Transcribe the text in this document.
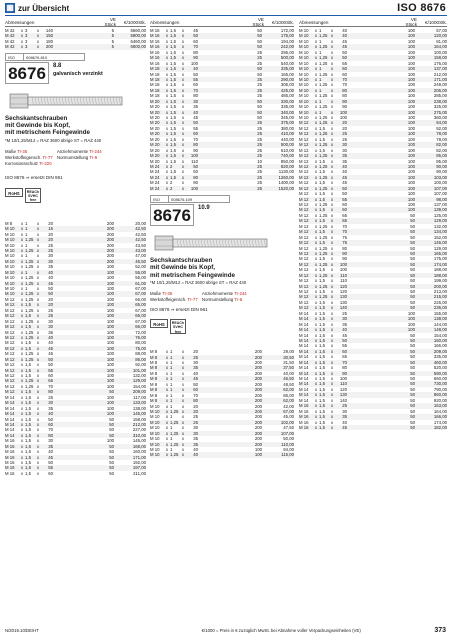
▦ zur Übersicht	ISO 8676
Abmessungen	VE Stück	€/1000Stk.
M 42	x 3	x	140	5	5660,00
M 42	x 3	x	150	5	5900,00
M 42	x 3	x	180	5	6460,00
M 42	x 3	x	200	5	6900,00
ISO	008676.810
8676	8.8
galvanisch verzinkt
Sechskantschrauben
mit Gewinde bis Kopf,
mit metrischem Feingewinde
*M 10/1,25/M12 = RAZ 3600 übrige ST = RAZ 440
Maße Tr-35	Anziehmomente Tr-244
Werkstoffeigensch. Tr-77	Normumstellung Tr-6
Korrosionsschutz Tr-220
ISO 8676 ⇒ ersetzt DIN 961
RoHS	REACh SVHC free
M 8	x 1	x	20	200	20,00
M 10	x 1	x	16	200	42,50
M 10	x 1	x	20	200	42,50
M 10	x 1,25 x	20	200	42,50
M 10	x 1	x	25	200	43,50
M 10	x 1,25 x	25	200	43,00
M 10	x 1	x	30	200	47,00
M 10	x 1,25 x	30	200	46,50
M 10	x 1,25 x	35	100	52,00
M 10	x 1	x	40	100	55,00
M 10	x 1,25 x	40	100	55,00
M 10	x 1,25 x	45	100	61,00
M 10	x 1	x	50	100	67,00
M 10	x 1,25 x	50	100	67,00
M 12	x 1,25 x	20	100	66,00
M 12	x 1,5	x	20	100	65,00
M 12	x 1,25 x	25	100	67,00
M 12	x 1,5	x	25	100	65,00
M 12	x 1,25 x	30	100	67,00
M 12	x 1,5	x	30	100	66,00
M 12	x 1,25 x	35	100	72,00
M 12	x 1,25 x	40	100	76,00
M 12	x 1,5	x	40	100	80,00
M 12	x 1,5	x	45	100	75,00
M 12	x 1,25 x	45	100	88,00
M 12	x 1,25 x	50	100	86,00
M 12	x 1,5	x	50	100	92,00
M 12	x 1,5	x	55	100	101,00
M 12	x 1,5	x	60	100	132,00
M 12	x 1,25 x	65	100	129,00
M 12	x 1,25 x	70	100	154,00
M 12	x 1,5	x	80	50	209,00
M 14	x 1,5	x	25	100	117,00
M 14	x 1,5	x	30	100	133,00
M 14	x 1,5	x	35	100	138,00
M 14	x 1,5	x	40	100	145,00
M 14	x 1,5	x	50	50	158,00
M 14	x 1,5	x	60	50	212,00
M 14	x 1,5	x	70	50	227,00
M 14	x 1,5	x	80	50	310,00
M 16	x 1,5	x	30	100	145,00
M 16	x 1,5	x	35	50	168,00
M 16	x 1,5	x	40	50	160,00
M 16	x 1,5	x	45	50	171,00
M 16	x 1,5	x	50	50	192,00
M 16	x 1,5	x	55	50	197,00
M 16	x 1,5	x	60	50	211,00
Abmessungen	VE Stück	€/1000Stk.
M 16	x 1,5	x	45	50	172,00
M 16	x 1,5	x	50	50	175,00
M 16	x 1,5	x	60	50	194,00
M 16	x 1,5	x	70	50	242,00
M 16	x 1,5	x	80	25	295,00
M 16	x 1,5	x	90	25	500,00
M 16	x 1,5	x	100	25	540,00
M 18	x 1,5	x	40	50	335,00
M 18	x 1,5	x	50	50	165,00
M 18	x 1,5	x	55	25	290,00
M 18	x 1,5	x	60	25	305,00
M 18	x 1,5	x	70	25	425,00
M 18	x 1,5	x	80	25	485,00
M 20	x 1,5	x	30	50	330,00
M 20	x 1,5	x	35	50	335,00
M 20	x 1,5	x	40	50	340,00
M 20	x 1,5	x	45	50	345,00
M 20	x 1,5	x	50	25	375,00
M 20	x 1,5	x	55	25	380,00
M 20	x 1,5	x	60	25	410,00
M 20	x 1,5	x	70	25	440,00
M 20	x 1,5	x	80	25	500,00
M 20	x 1,5	x	90	25	610,00
M 20	x 1,5	x	100	25	740,00
M 20	x 1,5	x	110	10	850,00
M 24	x 2	x	50	25	820,00
M 24	x 1,5	x	60	25	1130,00
M 24	x 1,5	x	80	25	1260,00
M 24	x 2	x	90	25	1400,00
M 24	x 2	x	100	25	1520,00
ISO	008676.109
8676	10.9
Sechskantschrauben
mit Gewinde bis Kopf,
mit metrischem Feingewinde
*M 10/1,25/M12 = RAZ 3600 übrige ST = RAZ 440
Maße Tr-35	Anziehmomente Tr-244
Werkstoffeigensch. Tr-77	Normumstellung Tr-6
ISO 8676 ⇒ ersetzt DIN 961
RoHS	REACh SVHC free
M 8	x 1	x	20	200	29,00
M 8	x 1	x	25	200	30,50
M 8	x 1	x	30	200	31,50
M 8	x 1	x	35	200	37,50
M 8	x 1	x	40	200	40,00
M 8	x 1	x	45	200	46,50
M 8	x 1	x	50	200	48,50
M 8	x 1	x	60	200	62,00
M 8	x 1	x	70	200	86,00
M 8	x 1	x	80	200	62,00
M 10	x 1	x	20	200	42,00
M 10	x 1,25 x	20	200	67,00
M 10	x 1	x	25	200	45,00
M 10	x 1,25 x	25	200	102,00
M 10	x 1	x	30	200	47,50
M 10	x 1,25 x	30	200	107,00
M 10	x 1	x	35	200	50,00
M 10	x 1,25 x	35	200	110,00
M 10	x 1	x	40	100	94,00
M 10	x 1,25 x	40	100	115,00
Abmessungen	VE Stück	€/1000Stk.
M 10	x 1	x	40	100	57,00
M 10	x 1,25 x	40	100	120,00
M 10	x 1	x	45	100	81,00
M 10	x 1,25 x	45	100	164,00
M 10	x 1	x	50	100	100,00
M 10	x 1,25 x	50	100	158,00
M 10	x 1,25 x	55	100	176,00
M 10	x 1	x	60	100	137,00
M 10	x 1,25 x	60	100	212,00
M 10	x 1	x	70	100	171,00
M 10	x 1,25 x	70	100	249,00
M 10	x 1	x	80	100	206,00
M 10	x 1,25 x	80	100	285,00
M 10	x 1	x	90	100	238,00
M 10	x 1,25 x	90	100	325,00
M 10	x 1	x	100	100	275,00
M 10	x 1,25 x	100	100	360,00
M 12	x 1,25 x	20	100	94,00
M 12	x 1,5	x	20	100	92,00
M 12	x 1,25 x	25	100	78,00
M 12	x 1,5	x	25	100	78,00
M 12	x 1,25 x	30	100	82,00
M 12	x 1,5	x	30	100	82,00
M 12	x 1,25 x	35	100	85,00
M 12	x 1,5	x	35	100	85,00
M 12	x 1,25 x	40	100	90,00
M 12	x 1,5	x	40	100	90,00
M 12	x 1,25 x	45	100	103,00
M 12	x 1,5	x	45	100	100,00
M 12	x 1,25 x	50	100	107,00
M 12	x 1,5	x	50	100	107,00
M 12	x 1,5	x	55	100	98,00
M 12	x 1,25 x	60	100	137,00
M 12	x 1,5	x	60	100	139,00
M 12	x 1,25 x	65	50	125,00
M 12	x 1,5	x	65	50	129,00
M 12	x 1,25 x	70	50	132,00
M 12	x 1,5	x	70	50	134,00
M 12	x 1,25 x	75	50	152,00
M 12	x 1,5	x	75	50	146,00
M 12	x 1,25 x	80	50	129,00
M 12	x 1,25 x	90	50	165,00
M 12	x 1,5	x	90	50	175,00
M 12	x 1,25 x	100	50	174,00
M 12	x 1,5	x	100	50	188,00
M 12	x 1,25 x	110	50	188,00
M 12	x 1,5	x	110	50	199,00
M 12	x 1,25 x	120	50	200,00
M 12	x 1,5	x	120	50	213,00
M 12	x 1,25 x	130	50	215,00
M 12	x 1,5	x	130	50	226,00
M 12	x 1,5	x	140	50	236,00
M 14	x 1,5	x	25	100	155,00
M 14	x 1,5	x	30	100	138,00
M 14	x 1,5	x	35	100	144,00
M 14	x 1,5	x	40	100	148,00
M 14	x 1,5	x	45	50	154,00
M 14	x 1,5	x	50	50	160,00
M 14	x 1,5	x	55	50	166,00
M 14	x 1,5	x	60	50	209,00
M 14	x 1,5	x	65	50	335,00
M 14	x 1,5	x	70	50	460,00
M 14	x 1,5	x	80	50	520,00
M 14	x 1,5	x	90	50	590,00
M 14	x 1,5	x	100	50	660,00
M 14	x 1,5	x	110	50	730,00
M 14	x 1,5	x	120	50	790,00
M 14	x 1,5	x	130	50	860,00
M 14	x 1,5	x	140	50	920,00
M 16	x 1,5	x	25	50	163,00
M 16	x 1,5	x	30	50	164,00
M 16	x 1,5	x	35	50	166,00
M 16	x 1,5	x	40	50	174,00
M 16	x 1,5	x	45	50	182,00
N/2019.10/DE/HT	€/1000 = Preis in € zuzüglich MwSt. bei Abnahme voller Verpackungseinheiten (VE)	373
